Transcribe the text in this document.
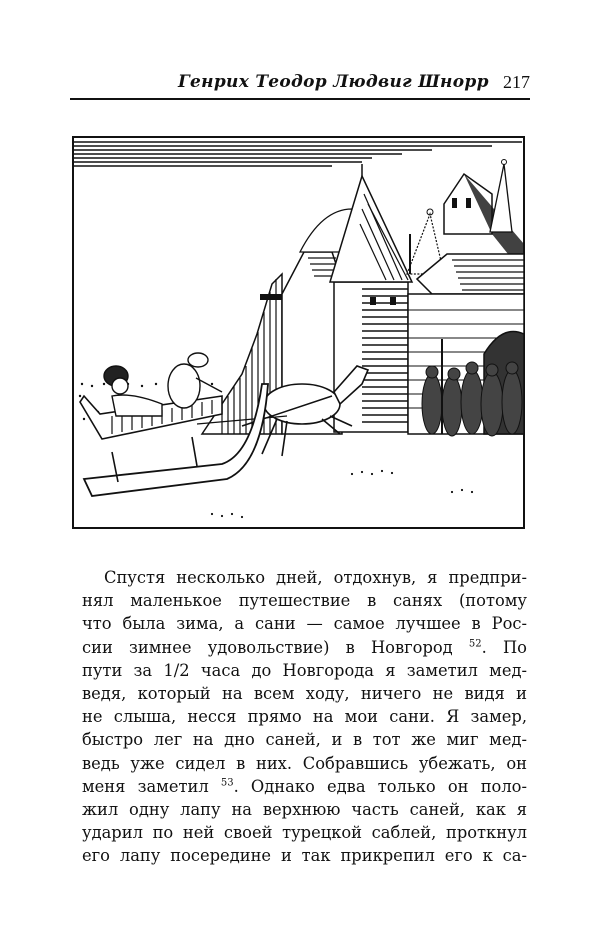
Генрих Теодор Людвиг Шнорр 217
Спустя несколько дней, отдохнув, я предпри-
нял маленькое путешествие в санях (потому
что была зима, а сани — самое лучшее в Рос-
сии зимнее удовольствие) в Новгород $^{52}$. По
пути за 1/2 часа до Новгорода я заметил мед-
ведя, который на всем ходу, ничего не видя и
не слыша, несся прямо на мои сани. Я замер,
быстро лег на дно саней, и в тот же миг мед-
ведь уже сидел в них. Собравшись убежать, он
меня заметил $^{53}$. Однако едва только он поло-
жил одну лапу на верхнюю часть саней, как я
ударил по ней своей турецкой саблей, проткнул
его лапу посередине и так прикрепил его к са-
